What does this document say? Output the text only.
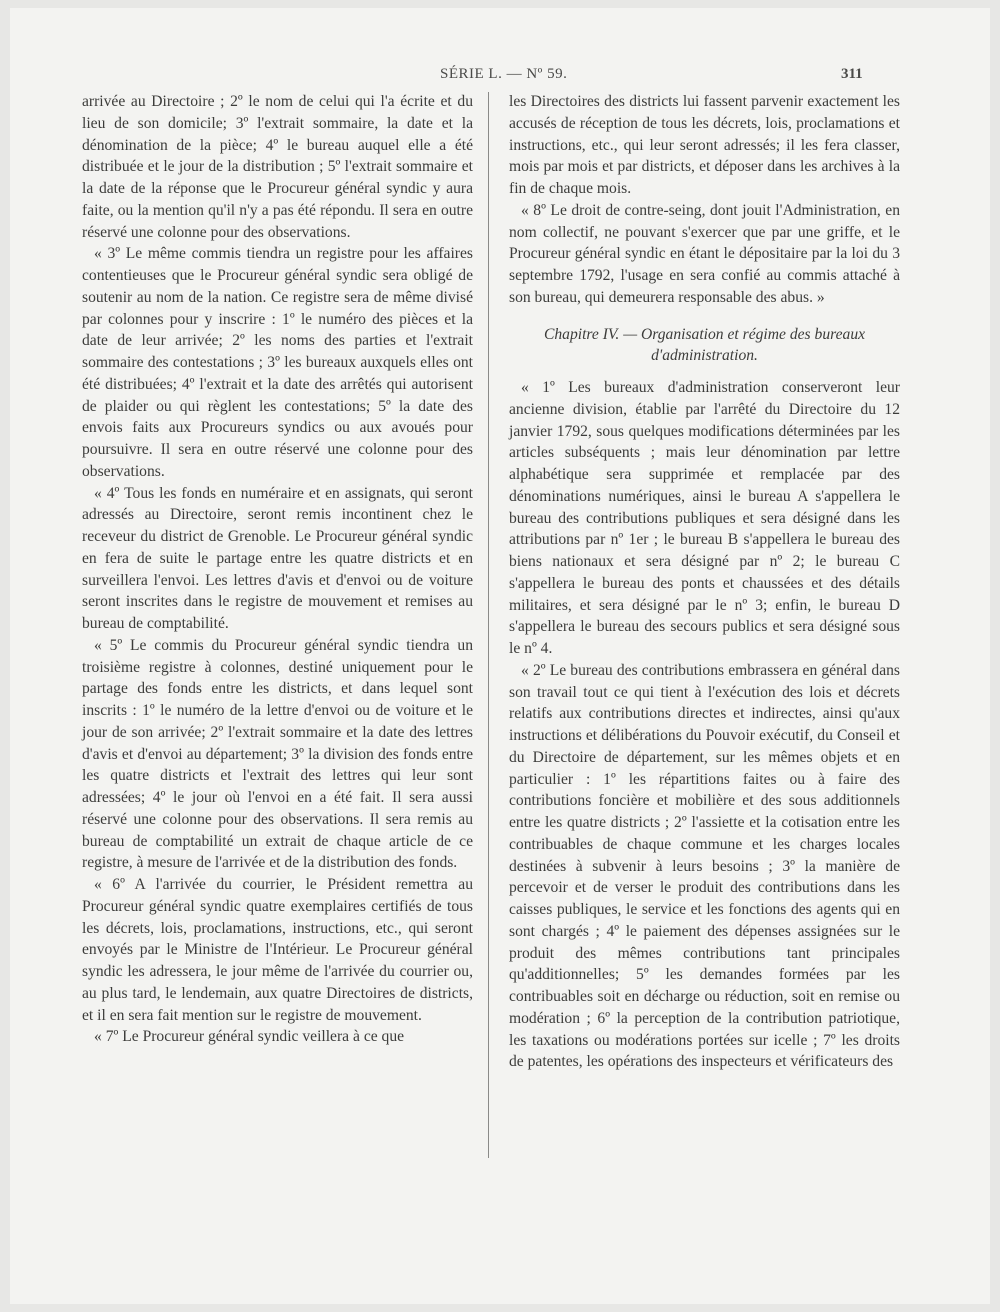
SÉRIE L. — Nº 59.	311

arrivée au Directoire ; 2º le nom de celui qui l'a écrite et du lieu de son domicile; 3º l'extrait sommaire, la date et la dénomination de la pièce; 4º le bureau auquel elle a été distribuée et le jour de la distribution ; 5º l'extrait sommaire et la date de la réponse que le Procureur général syndic y aura faite, ou la mention qu'il n'y a pas été répondu. Il sera en outre réservé une colonne pour des observations.

« 3º Le même commis tiendra un registre pour les affaires contentieuses que le Procureur général syndic sera obligé de soutenir au nom de la nation. Ce registre sera de même divisé par colonnes pour y inscrire : 1º le numéro des pièces et la date de leur arrivée; 2º les noms des parties et l'extrait sommaire des contestations ; 3º les bureaux auxquels elles ont été distribuées; 4º l'extrait et la date des arrêtés qui autorisent de plaider ou qui règlent les contestations; 5º la date des envois faits aux Procureurs syndics ou aux avoués pour poursuivre. Il sera en outre réservé une colonne pour des observations.

« 4º Tous les fonds en numéraire et en assignats, qui seront adressés au Directoire, seront remis incontinent chez le receveur du district de Grenoble. Le Procureur général syndic en fera de suite le partage entre les quatre districts et en surveillera l'envoi. Les lettres d'avis et d'envoi ou de voiture seront inscrites dans le registre de mouvement et remises au bureau de comptabilité.

« 5º Le commis du Procureur général syndic tiendra un troisième registre à colonnes, destiné uniquement pour le partage des fonds entre les districts, et dans lequel sont inscrits : 1º le numéro de la lettre d'envoi ou de voiture et le jour de son arrivée; 2º l'extrait sommaire et la date des lettres d'avis et d'envoi au département; 3º la division des fonds entre les quatre districts et l'extrait des lettres qui leur sont adressées; 4º le jour où l'envoi en a été fait. Il sera aussi réservé une colonne pour des observations. Il sera remis au bureau de comptabilité un extrait de chaque article de ce registre, à mesure de l'arrivée et de la distribution des fonds.

« 6º A l'arrivée du courrier, le Président remettra au Procureur général syndic quatre exemplaires certifiés de tous les décrets, lois, proclamations, instructions, etc., qui seront envoyés par le Ministre de l'Intérieur. Le Procureur général syndic les adressera, le jour même de l'arrivée du courrier ou, au plus tard, le lendemain, aux quatre Directoires de districts, et il en sera fait mention sur le registre de mouvement.

« 7º Le Procureur général syndic veillera à ce que

les Directoires des districts lui fassent parvenir exactement les accusés de réception de tous les décrets, lois, proclamations et instructions, etc., qui leur seront adressés; il les fera classer, mois par mois et par districts, et déposer dans les archives à la fin de chaque mois.

« 8º Le droit de contre-seing, dont jouit l'Administration, en nom collectif, ne pouvant s'exercer que par une griffe, et le Procureur général syndic en étant le dépositaire par la loi du 3 septembre 1792, l'usage en sera confié au commis attaché à son bureau, qui demeurera responsable des abus. »

Chapitre IV. — Organisation et régime des bureaux
d'administration.

« 1º Les bureaux d'administration conserveront leur ancienne division, établie par l'arrêté du Directoire du 12 janvier 1792, sous quelques modifications déterminées par les articles subséquents ; mais leur dénomination par lettre alphabétique sera supprimée et remplacée par des dénominations numériques, ainsi le bureau A s'appellera le bureau des contributions publiques et sera désigné dans les attributions par nº 1er ; le bureau B s'appellera le bureau des biens nationaux et sera désigné par nº 2; le bureau C s'appellera le bureau des ponts et chaussées et des détails militaires, et sera désigné par le nº 3; enfin, le bureau D s'appellera le bureau des secours publics et sera désigné sous le nº 4.

« 2º Le bureau des contributions embrassera en général dans son travail tout ce qui tient à l'exécution des lois et décrets relatifs aux contributions directes et indirectes, ainsi qu'aux instructions et délibérations du Pouvoir exécutif, du Conseil et du Directoire de département, sur les mêmes objets et en particulier : 1º les répartitions faites ou à faire des contributions foncière et mobilière et des sous additionnels entre les quatre districts ; 2º l'assiette et la cotisation entre les contribuables de chaque commune et les charges locales destinées à subvenir à leurs besoins ; 3º la manière de percevoir et de verser le produit des contributions dans les caisses publiques, le service et les fonctions des agents qui en sont chargés ; 4º le paiement des dépenses assignées sur le produit des mêmes contributions tant principales qu'additionnelles; 5º les demandes formées par les contribuables soit en décharge ou réduction, soit en remise ou modération ; 6º la perception de la contribution patriotique, les taxations ou modérations portées sur icelle ; 7º les droits de patentes, les opérations des inspecteurs et vérificateurs des
